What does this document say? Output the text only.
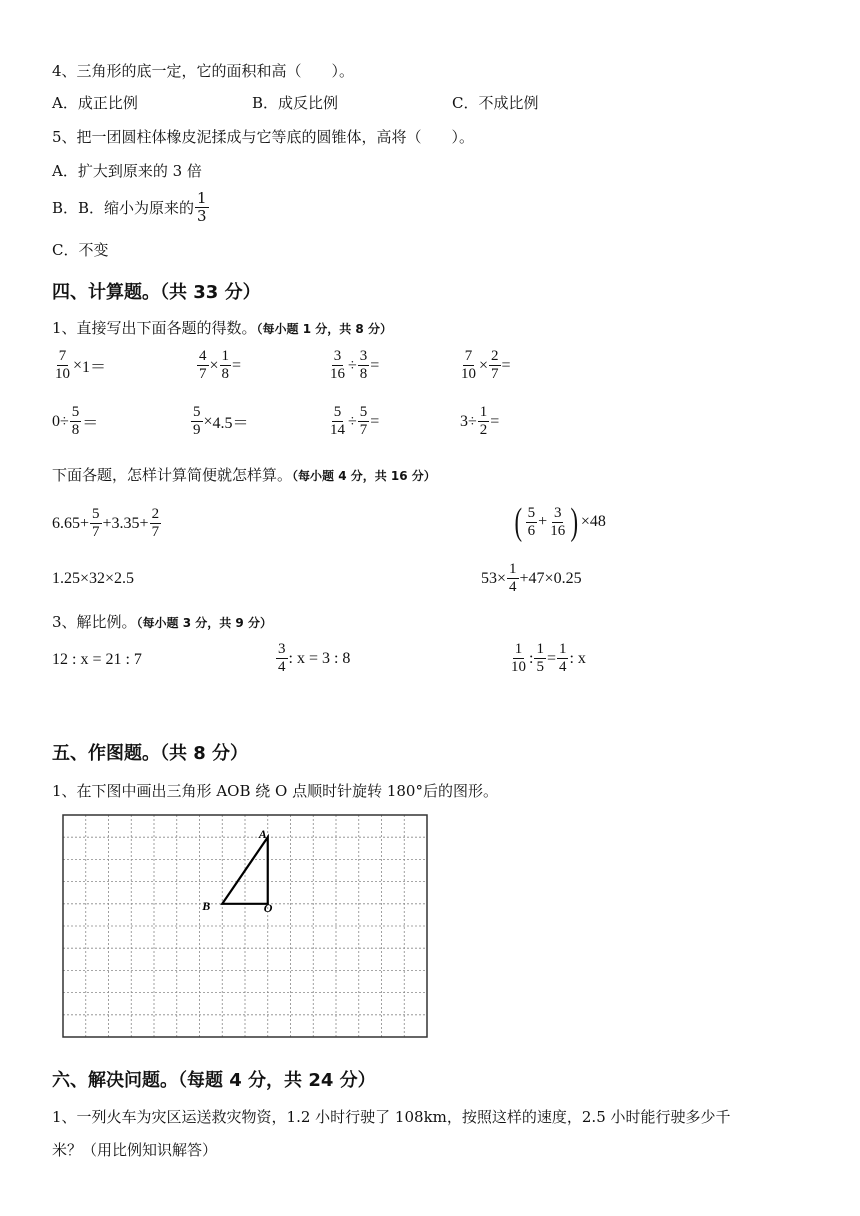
4、三角形的底一定，它的面积和高（　　）。
A．成正比例	B．成反比例	C．不成比例
5、把一团圆柱体橡皮泥揉成与它等底的圆锥体，高将（　　）。
A．扩大到原来的 3 倍
B．B．缩小为原来的 $\frac{1}{3}$
C．不变
四、计算题。（共 33 分）
1、直接写出下面各题的得数。（每小题 1 分，共 8 分）
$\frac{7}{10} \times 1=$	$\frac{4}{7} \times \frac{1}{8}$ =	$\frac{3}{16} \div \frac{3}{8}$ =	$\frac{7}{10} \times \frac{2}{7}$ =
$0\div \frac{5}{8}$ ＝	$\frac{5}{9} \times 4.5=$	$\frac{5}{14} \div \frac{5}{7}$ =	$3\div \frac{1}{2}$ =
下面各题，怎样计算简便就怎样算。（每小题 4 分，共 16 分）
$6.65+ \frac{5}{7} +3.35+ \frac{2}{7}$	( $\frac{5}{6} + \frac{3}{16}$ ) ×48
1.25×32×2.5	$53\times \frac{1}{4} +47\times 0.25$
3、解比例。（每小题 3 分，共 9 分）
12 : x = 21 : 7	$\frac{3}{4}$ : x = 3 : 8	$\frac{1}{10}$ : $\frac{1}{5} = \frac{1}{4}$ : x
五、作图题。（共 8 分）
1、在下图中画出三角形 AOB 绕 O 点顺时针旋转 180°后的图形。
A
B	O
六、解决问题。（每题 4 分，共 24 分）
1、一列火车为灾区运送救灾物资，1.2 小时行驶了 108km，按照这样的速度，2.5 小时能行驶多少千
米？（用比例知识解答）
